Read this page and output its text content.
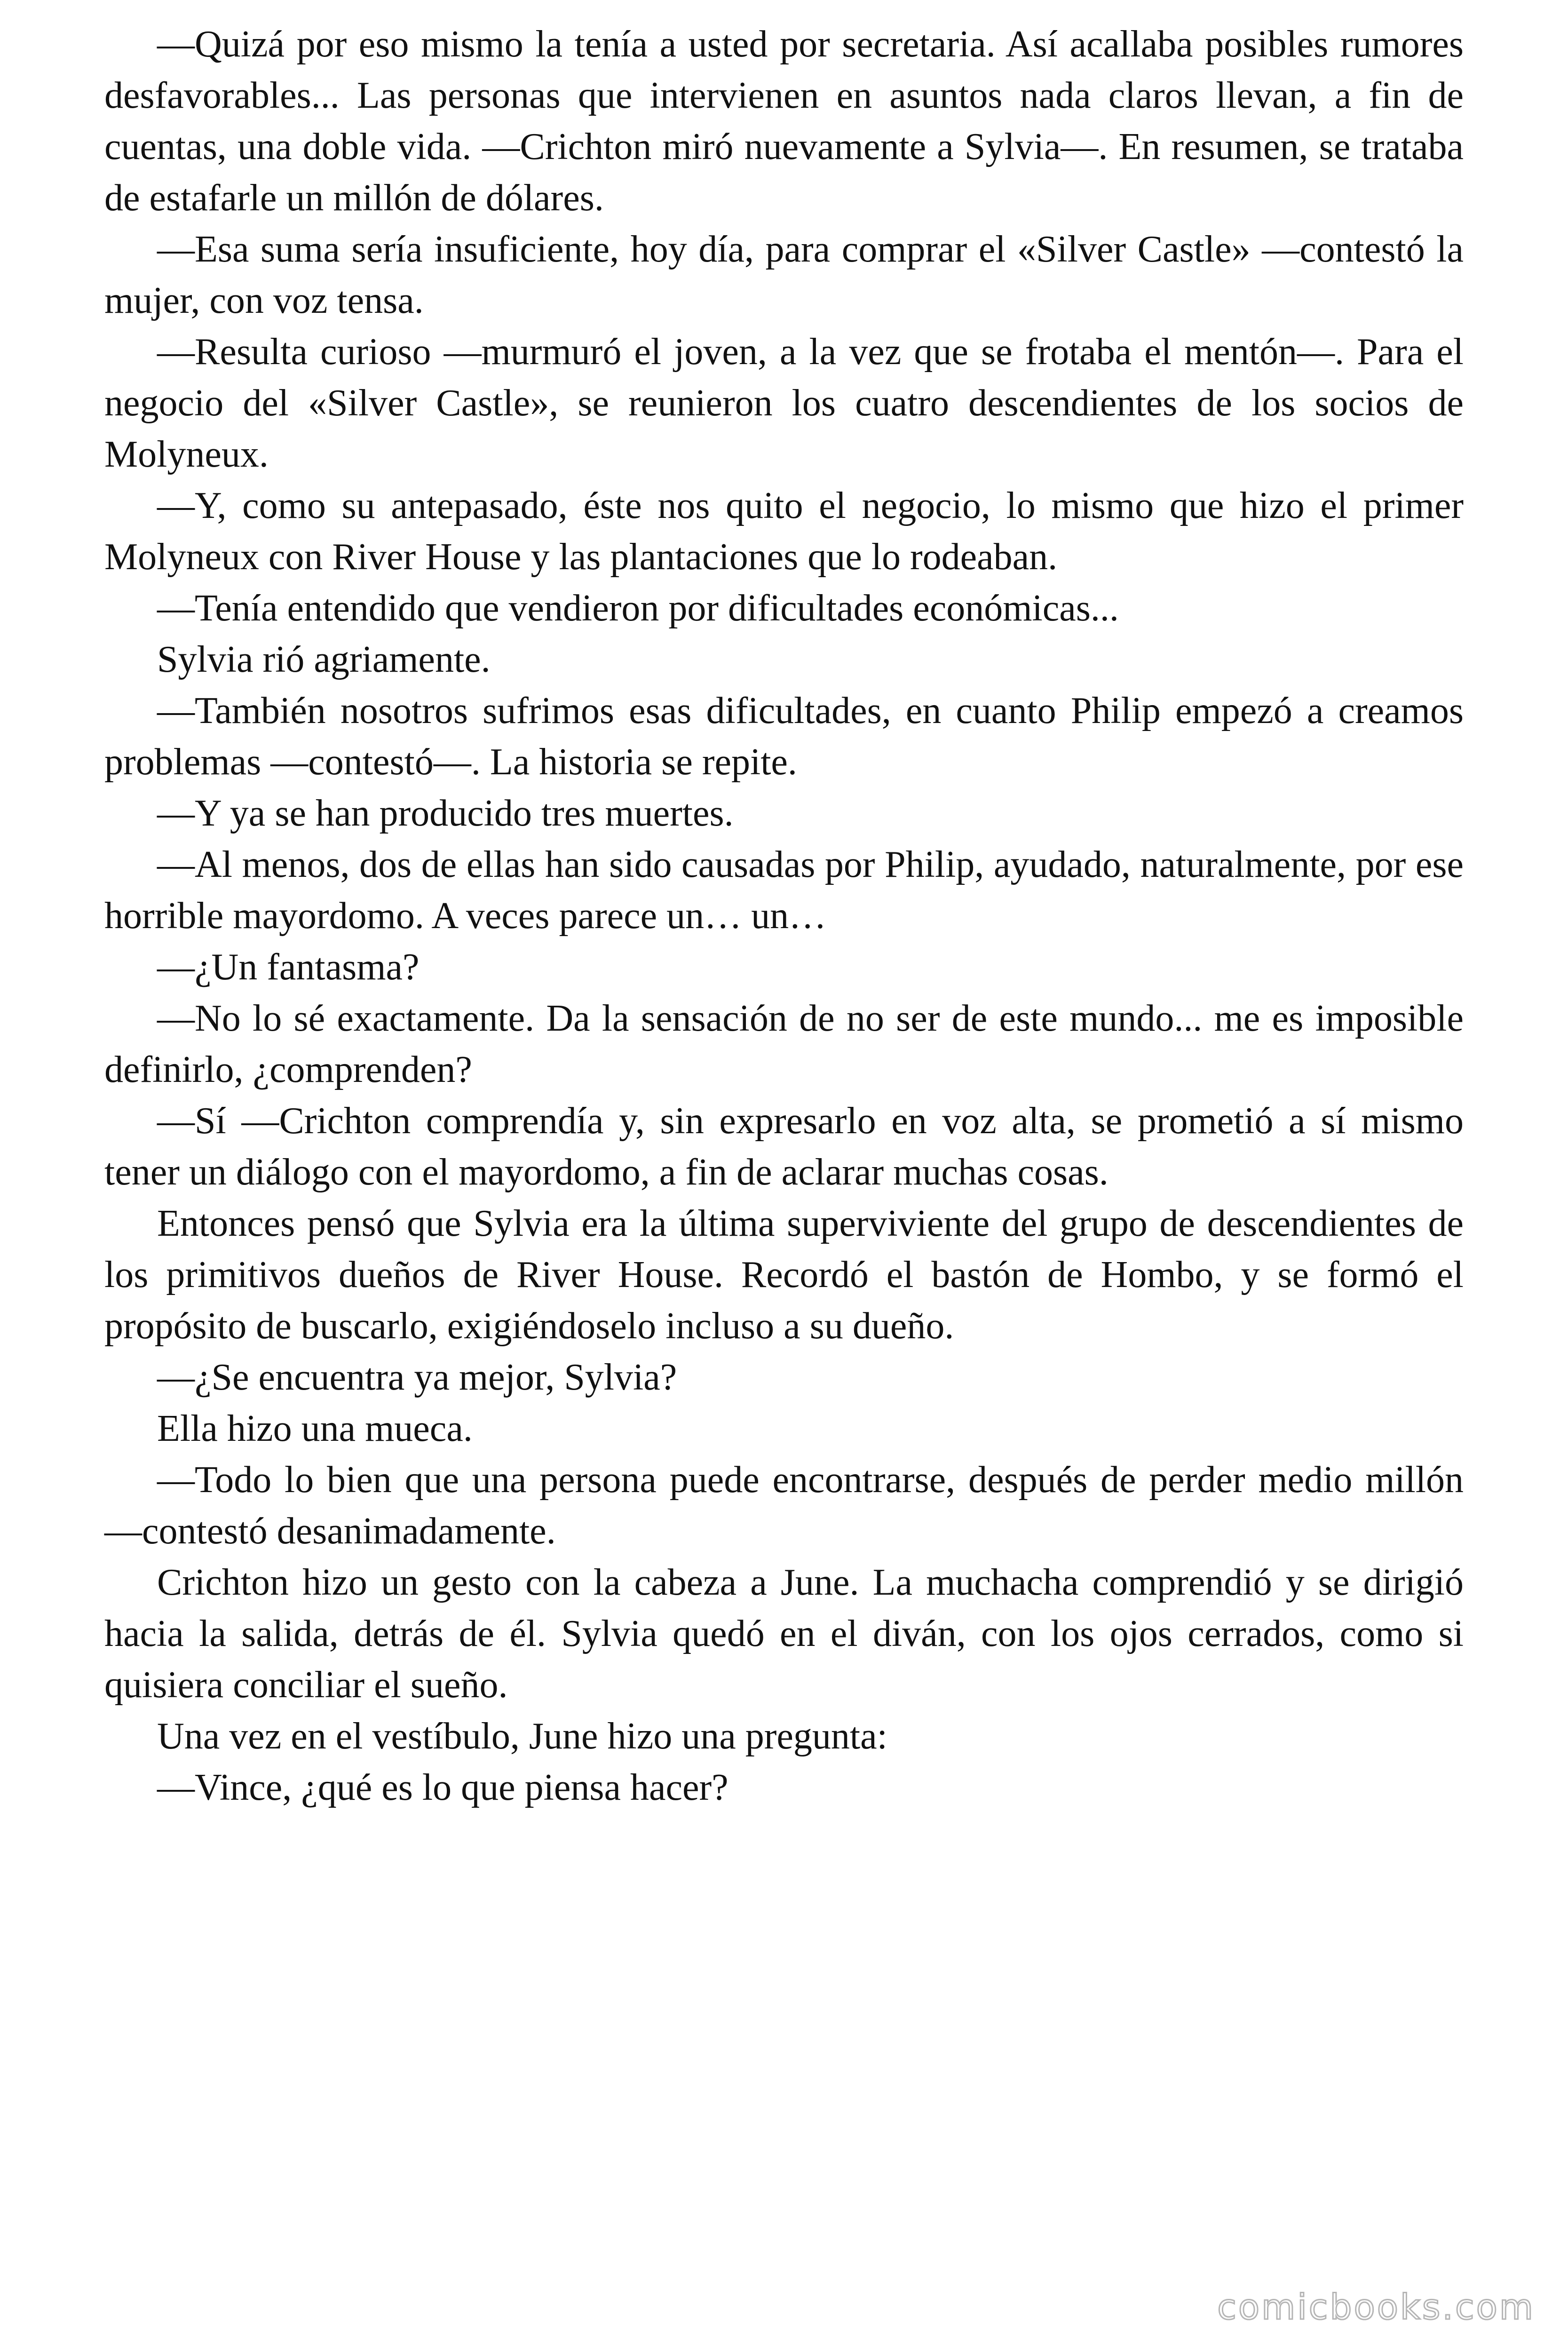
—Quizá por eso mismo la tenía a usted por secretaria. Así acallaba posibles rumores desfavorables... Las personas que intervienen en asuntos nada claros llevan, a fin de cuentas, una doble vida. —Crichton miró nuevamente a Sylvia—. En resumen, se trataba de estafarle un millón de dólares.

—Esa suma sería insuficiente, hoy día, para comprar el «Silver Castle» —contestó la mujer, con voz tensa.

—Resulta curioso —murmuró el joven, a la vez que se frotaba el mentón—. Para el negocio del «Silver Castle», se reunieron los cuatro descendientes de los socios de Molyneux.

—Y, como su antepasado, éste nos quito el negocio, lo mismo que hizo el primer Molyneux con River House y las plantaciones que lo rodeaban.

—Tenía entendido que vendieron por dificultades económicas...

Sylvia rió agriamente.

—También nosotros sufrimos esas dificultades, en cuanto Philip empezó a creamos problemas —contestó—. La historia se repite.

—Y ya se han producido tres muertes.

—Al menos, dos de ellas han sido causadas por Philip, ayudado, naturalmente, por ese horrible mayordomo. A veces parece un… un…

—¿Un fantasma?

—No lo sé exactamente. Da la sensación de no ser de este mundo... me es imposible definirlo, ¿comprenden?

—Sí —Crichton comprendía y, sin expresarlo en voz alta, se prometió a sí mismo tener un diálogo con el mayordomo, a fin de aclarar muchas cosas.

Entonces pensó que Sylvia era la última superviviente del grupo de descendientes de los primitivos dueños de River House. Recordó el bastón de Hombo, y se formó el propósito de buscarlo, exigiéndoselo incluso a su dueño.

—¿Se encuentra ya mejor, Sylvia?

Ella hizo una mueca.

—Todo lo bien que una persona puede encontrarse, después de perder medio millón —contestó desanimadamente.

Crichton hizo un gesto con la cabeza a June. La muchacha comprendió y se dirigió hacia la salida, detrás de él. Sylvia quedó en el diván, con los ojos cerrados, como si quisiera conciliar el sueño.

Una vez en el vestíbulo, June hizo una pregunta:

—Vince, ¿qué es lo que piensa hacer?

comicbooks.com
